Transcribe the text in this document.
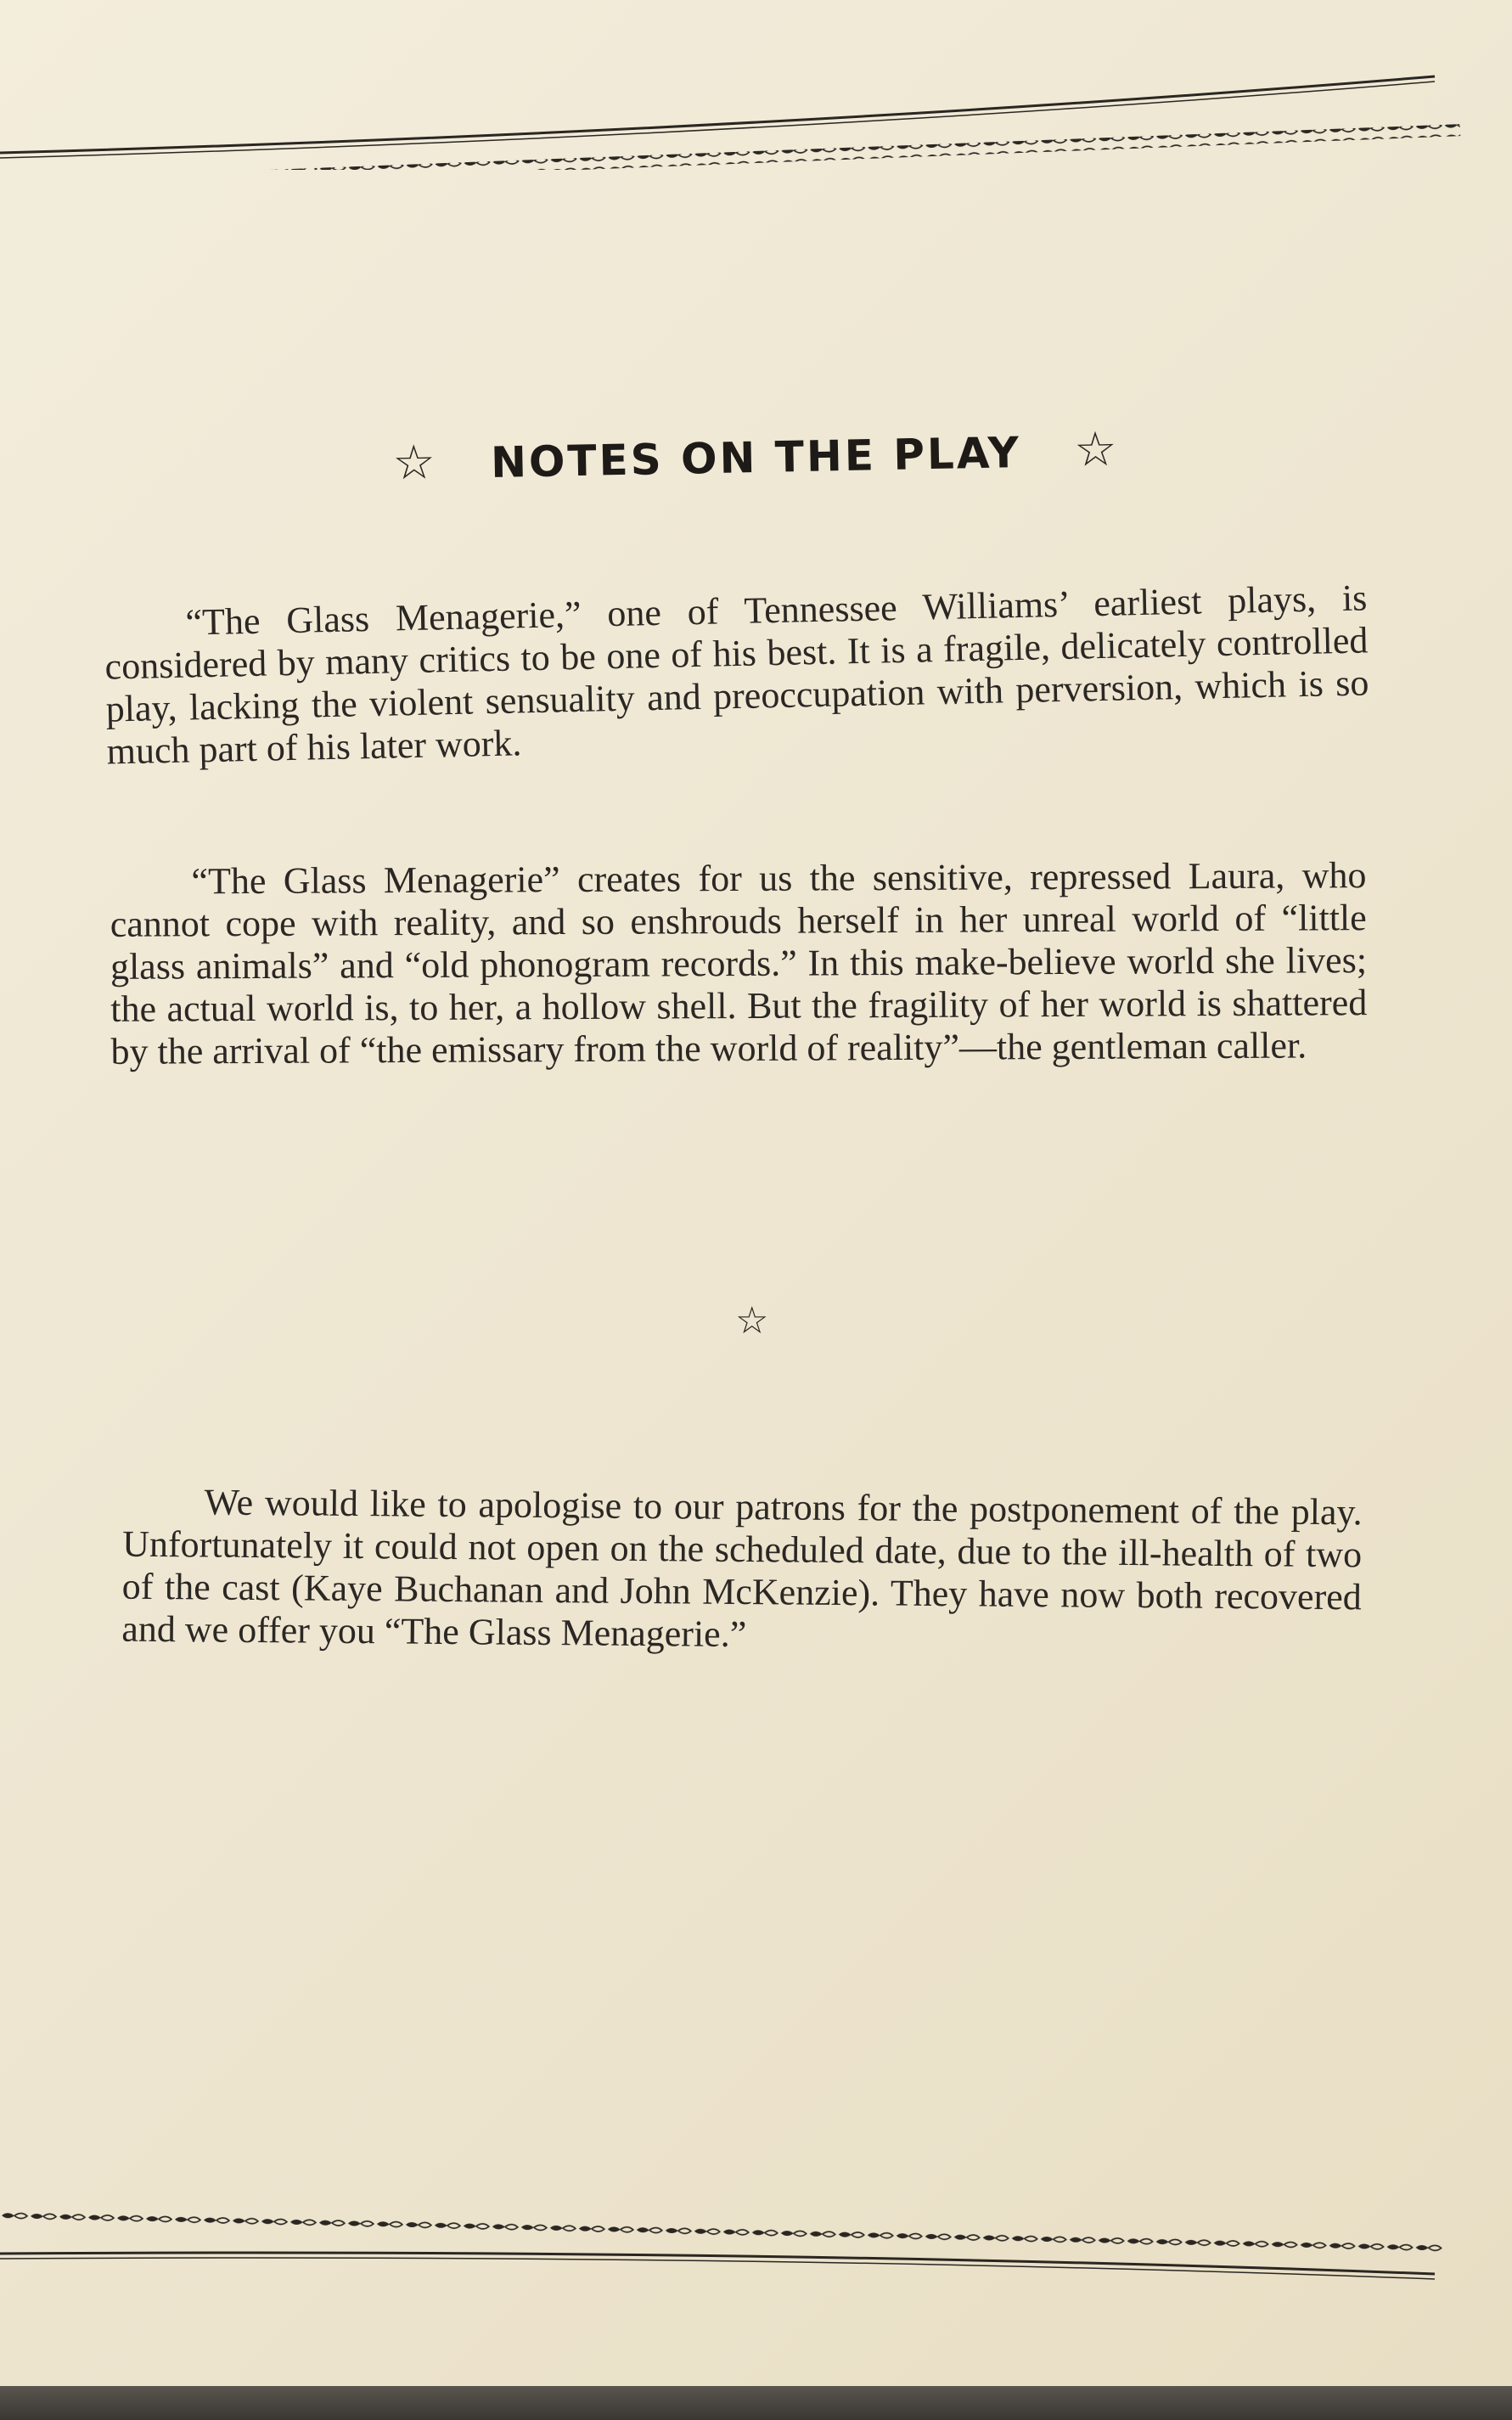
☆ NOTES ON THE PLAY ☆

“The Glass Menagerie,” one of Tennessee Williams’ earliest plays, is considered by many critics to be one of his best. It is a fragile, delicately controlled play, lacking the violent sensuality and preoccupation with perversion, which is so much part of his later work.

“The Glass Menagerie” creates for us the sensitive, repressed Laura, who cannot cope with reality, and so enshrouds herself in her unreal world of “little glass animals” and “old phonogram records.” In this make-believe world she lives; the actual world is, to her, a hollow shell. But the fragility of her world is shattered by the arrival of “the emissary from the world of reality”—the gentleman caller.

☆

We would like to apologise to our patrons for the postponement of the play. Unfortunately it could not open on the scheduled date, due to the ill-health of two of the cast (Kaye Buchanan and John McKenzie). They have now both recovered and we offer you “The Glass Menagerie.”
